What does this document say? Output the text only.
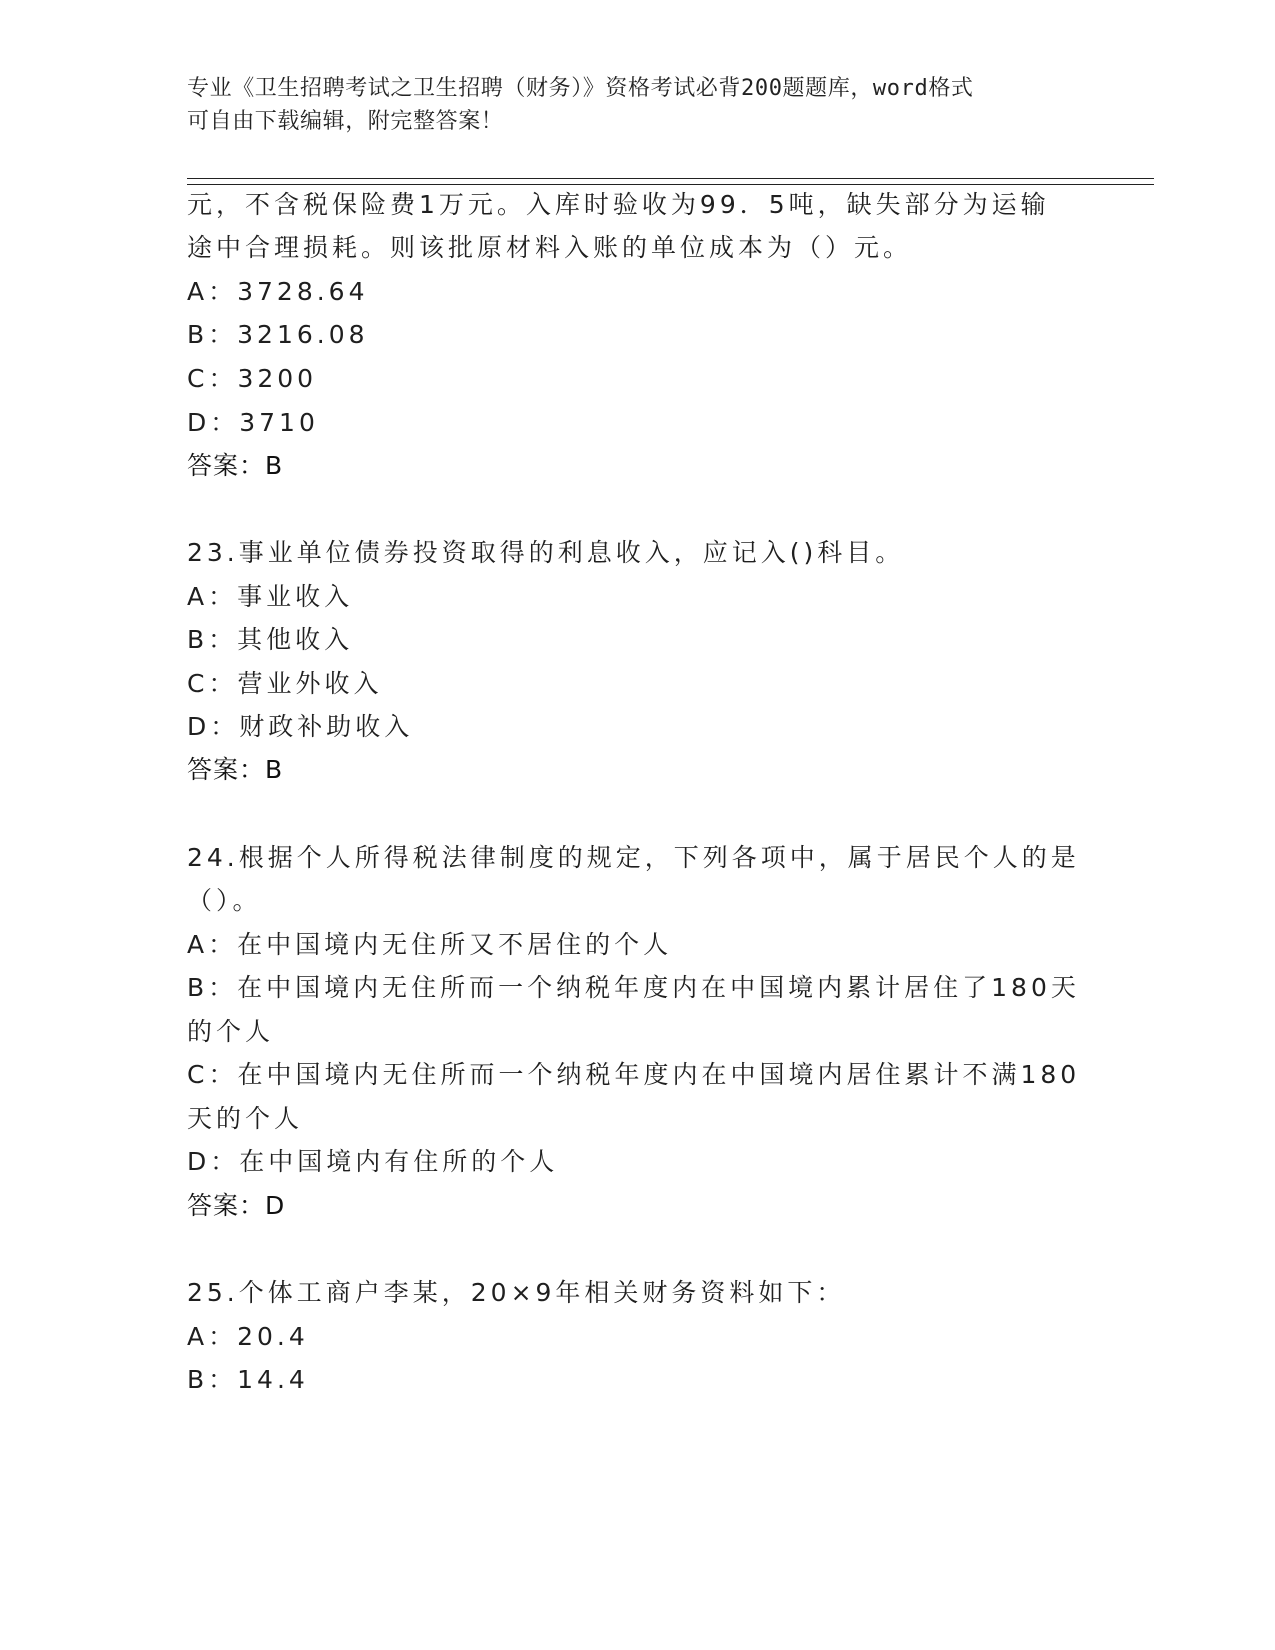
专业《卫生招聘考试之卫生招聘（财务）》资格考试必背200题题库，word格式
可自由下载编辑，附完整答案！
元，不含税保险费1万元。入库时验收为99．5吨，缺失部分为运输
途中合理损耗。则该批原材料入账的单位成本为（）元。
A：3728.64
B：3216.08
C：3200
D：3710
答案：B
23.事业单位债券投资取得的利息收入，应记入()科目。
A：事业收入
B：其他收入
C：营业外收入
D：财政补助收入
答案：B
24.根据个人所得税法律制度的规定，下列各项中，属于居民个人的是
（）。
A：在中国境内无住所又不居住的个人
B：在中国境内无住所而一个纳税年度内在中国境内累计居住了180天
的个人
C：在中国境内无住所而一个纳税年度内在中国境内居住累计不满180
天的个人
D：在中国境内有住所的个人
答案：D
25.个体工商户李某，20×9年相关财务资料如下：
A：20.4
B：14.4
